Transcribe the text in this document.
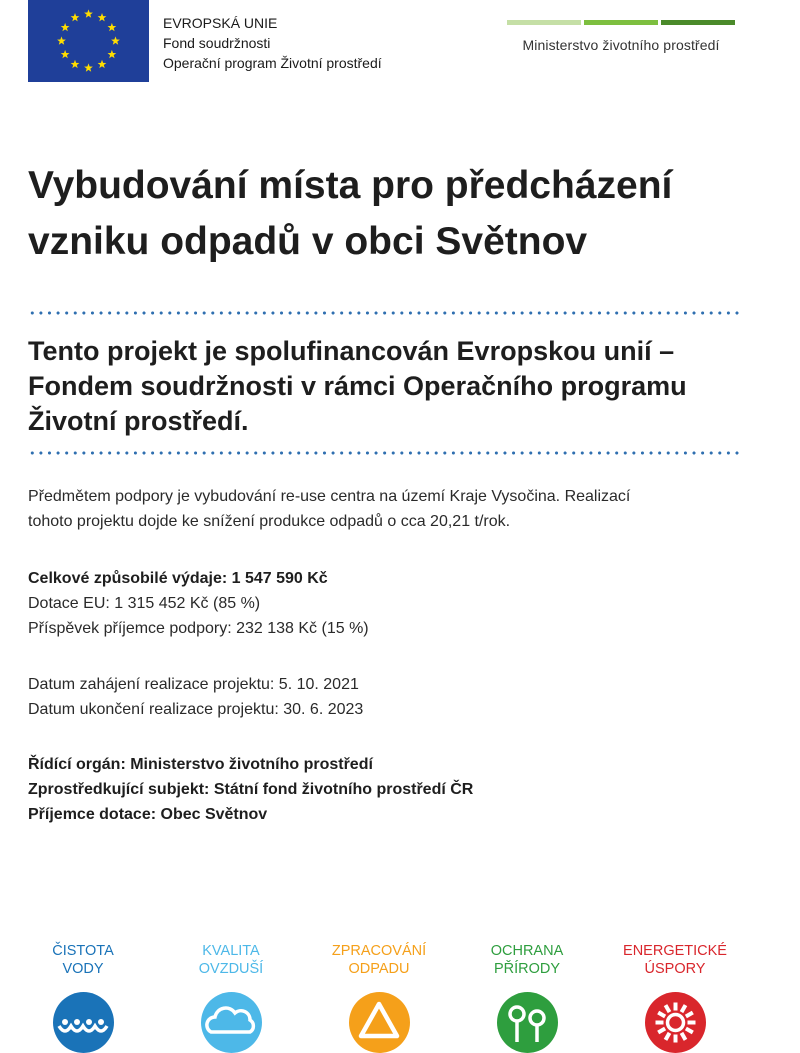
EVROPSKÁ UNIE
Fond soudržnosti
Operační program Životní prostředí
Ministerstvo životního prostředí
Vybudování místa pro předcházení
vzniku odpadů v obci Světnov
Tento projekt je spolufinancován Evropskou unií –
Fondem soudržnosti v rámci Operačního programu
Životní prostředí.

Předmětem podpory je vybudování re-use centra na území Kraje Vysočina. Realizací
tohoto projektu dojde ke snížení produkce odpadů o cca 20,21 t/rok.

Celkové způsobilé výdaje: 1 547 590 Kč
Dotace EU: 1 315 452 Kč (85 %)
Příspěvek příjemce podpory: 232 138 Kč (15 %)

Datum zahájení realizace projektu: 5. 10. 2021
Datum ukončení realizace projektu: 30. 6. 2023

Řídící orgán: Ministerstvo životního prostředí
Zprostředkující subjekt: Státní fond životního prostředí ČR
Příjemce dotace: Obec Světnov

ČISTOTA
VODY
KVALITA
OVZDUŠÍ
ZPRACOVÁNÍ
ODPADU
OCHRANA
PŘÍRODY
ENERGETICKÉ
ÚSPORY
